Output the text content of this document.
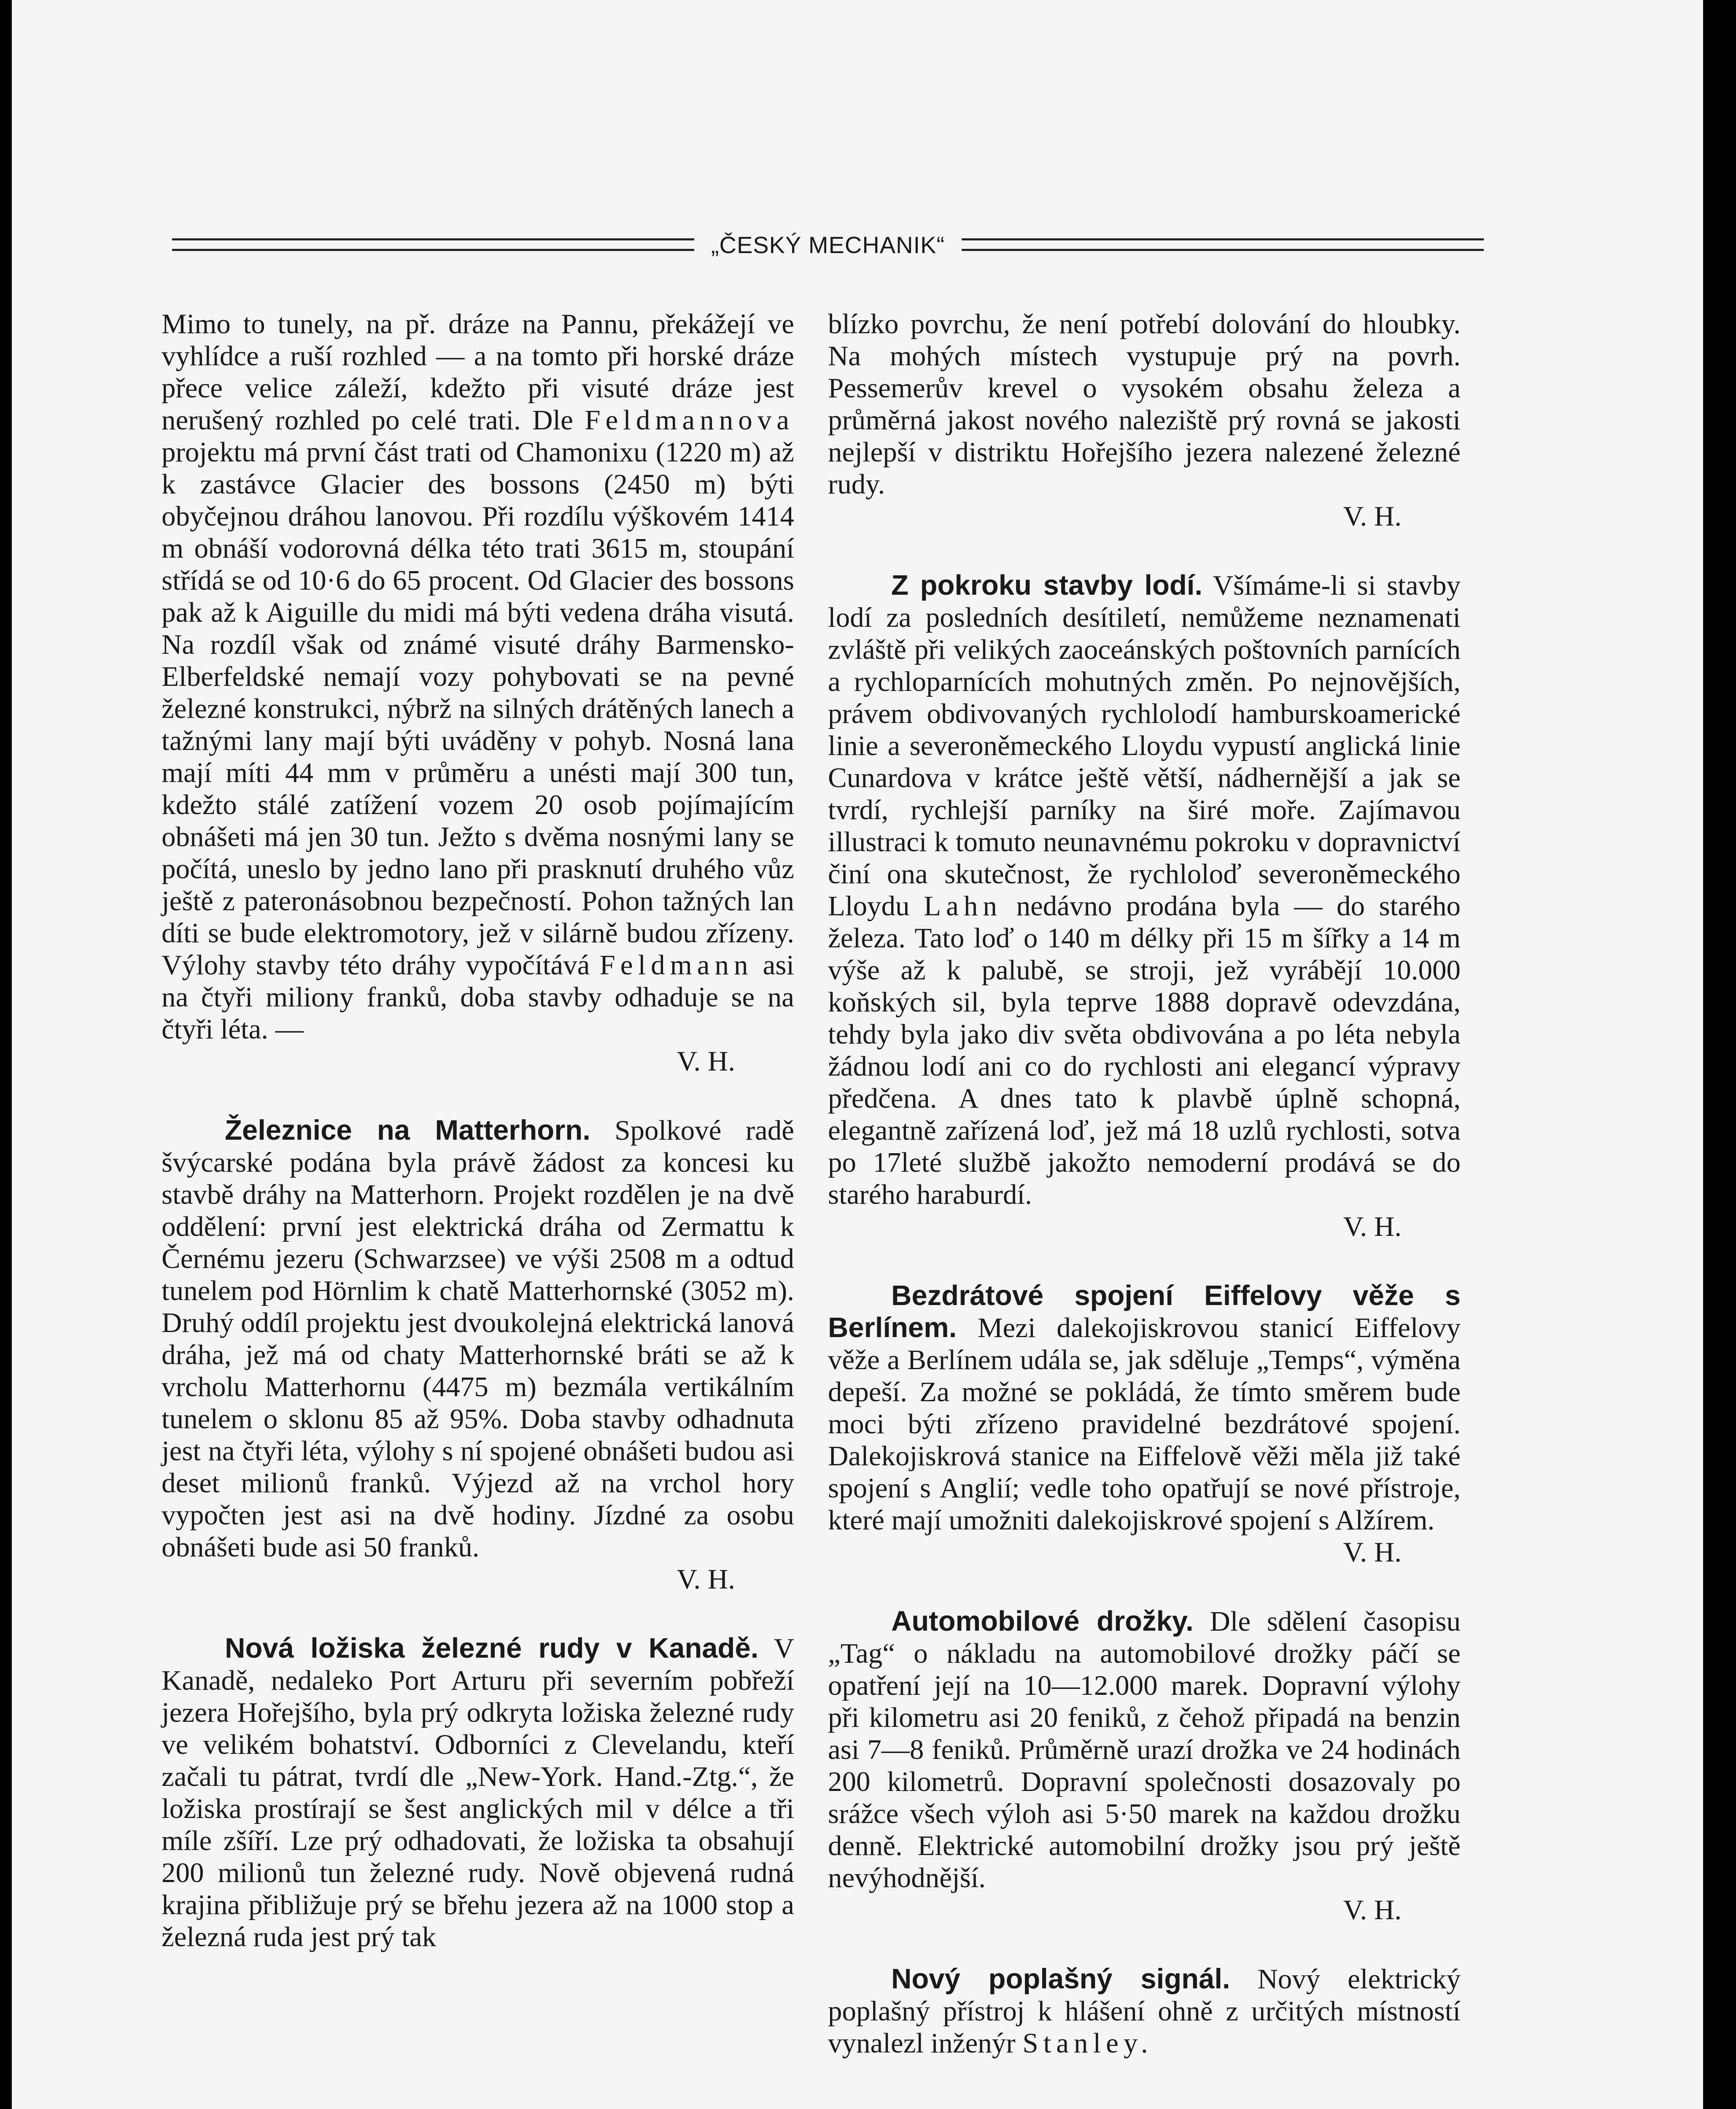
„ČESKÝ MECHANIK“

Mimo to tunely, na př. dráze na Pannu, překážejí ve vyhlídce a ruší rozhled — a na tomto při horské dráze přece velice záleží, kdežto při visuté dráze jest nerušený rozhled po celé trati. Dle Feldmannova projektu má první část trati od Chamonixu (1220 m) až k zastávce Glacier des bossons (2450 m) býti obyčejnou dráhou lanovou. Při rozdílu výškovém 1414 m obnáší vodorovná délka této trati 3615 m, stoupání střídá se od 10·6 do 65 procent. Od Glacier des bossons pak až k Aiguille du midi má býti vedena dráha visutá. Na rozdíl však od známé visuté dráhy Barmensko-Elberfeldské nemají vozy pohybovati se na pevné železné konstrukci, nýbrž na silných drátěných lanech a tažnými lany mají býti uváděny v pohyb. Nosná lana mají míti 44 mm v průměru a unésti mají 300 tun, kdežto stálé zatížení vozem 20 osob pojímajícím obnášeti má jen 30 tun. Ježto s dvěma nosnými lany se počítá, uneslo by jedno lano při prasknutí druhého vůz ještě z pateronásobnou bezpečností. Pohon tažných lan díti se bude elektromotory, jež v silárně budou zřízeny. Výlohy stavby této dráhy vypočítává Feldmann asi na čtyři miliony franků, doba stavby odhaduje se na čtyři léta. —
V. H.

Železnice na Matterhorn. Spolkové radě švýcarské podána byla právě žádost za koncesi ku stavbě dráhy na Matterhorn. Projekt rozdělen je na dvě oddělení: první jest elektrická dráha od Zermattu k Černému jezeru (Schwarzsee) ve výši 2508 m a odtud tunelem pod Hörnlim k chatě Matterhornské (3052 m). Druhý oddíl projektu jest dvoukolejná elektrická lanová dráha, jež má od chaty Matterhornské bráti se až k vrcholu Matterhornu (4475 m) bezmála vertikálním tunelem o sklonu 85 až 95%. Doba stavby odhadnuta jest na čtyři léta, výlohy s ní spojené obnášeti budou asi deset milionů franků. Výjezd až na vrchol hory vypočten jest asi na dvě hodiny. Jízdné za osobu obnášeti bude asi 50 franků.
V. H.

Nová ložiska železné rudy v Kanadě. V Kanadě, nedaleko Port Arturu při severním pobřeží jezera Hořejšího, byla prý odkryta ložiska železné rudy ve velikém bohatství. Odborníci z Clevelandu, kteří začali tu pátrat, tvrdí dle „New-York. Hand.-Ztg.“, že ložiska prostírají se šest anglických mil v délce a tři míle zšíří. Lze prý odhadovati, že ložiska ta obsahují 200 milionů tun železné rudy. Nově objevená rudná krajina přibližuje prý se břehu jezera až na 1000 stop a železná ruda jest prý tak

blízko povrchu, že není potřebí dolování do hloubky. Na mohých místech vystupuje prý na povrh. Pessemerův krevel o vysokém obsahu železa a průměrná jakost nového naleziště prý rovná se jakosti nejlepší v distriktu Hořejšího jezera nalezené železné rudy.
V. H.

Z pokroku stavby lodí. Všímáme-li si stavby lodí za posledních desítiletí, nemůžeme neznamenati zvláště při velikých zaoceánských poštovních parnících a rychloparnících mohutných změn. Po nejnovějších, právem obdivovaných rychlolodí hamburskoamerické linie a severoněmeckého Lloydu vypustí anglická linie Cunardova v krátce ještě větší, nádhernější a jak se tvrdí, rychlejší parníky na širé moře. Zajímavou illustraci k tomuto neunavnému pokroku v dopravnictví činí ona skutečnost, že rychloloď severoněmeckého Lloydu Lahn nedávno prodána byla — do starého železa. Tato loď o 140 m délky při 15 m šířky a 14 m výše až k palubě, se stroji, jež vyrábějí 10.000 koňských sil, byla teprve 1888 dopravě odevzdána, tehdy byla jako div světa obdivována a po léta nebyla žádnou lodí ani co do rychlosti ani elegancí výpravy předčena. A dnes tato k plavbě úplně schopná, elegantně zařízená loď, jež má 18 uzlů rychlosti, sotva po 17leté službě jakožto nemoderní prodává se do starého haraburdí.
V. H.

Bezdrátové spojení Eiffelovy věže s Berlínem. Mezi dalekojiskrovou stanicí Eiffelovy věže a Berlínem udála se, jak sděluje „Temps“, výměna depeší. Za možné se pokládá, že tímto směrem bude moci býti zřízeno pravidelné bezdrátové spojení. Dalekojiskrová stanice na Eiffelově věži měla již také spojení s Anglií; vedle toho opatřují se nové přístroje, které mají umožniti dalekojiskrové spojení s Alžírem.
V. H.

Automobilové drožky. Dle sdělení časopisu „Tag“ o nákladu na automobilové drožky páčí se opatření její na 10—12.000 marek. Dopravní výlohy při kilometru asi 20 feniků, z čehož připadá na benzin asi 7—8 feniků. Průměrně urazí drožka ve 24 hodinách 200 kilometrů. Dopravní společnosti dosazovaly po srážce všech výloh asi 5·50 marek na každou drožku denně. Elektrické automobilní drožky jsou prý ještě nevýhodnější.
V. H.

Nový poplašný signál. Nový elektrický poplašný přístroj k hlášení ohně z určitých místností vynalezl inženýr Stanley.
